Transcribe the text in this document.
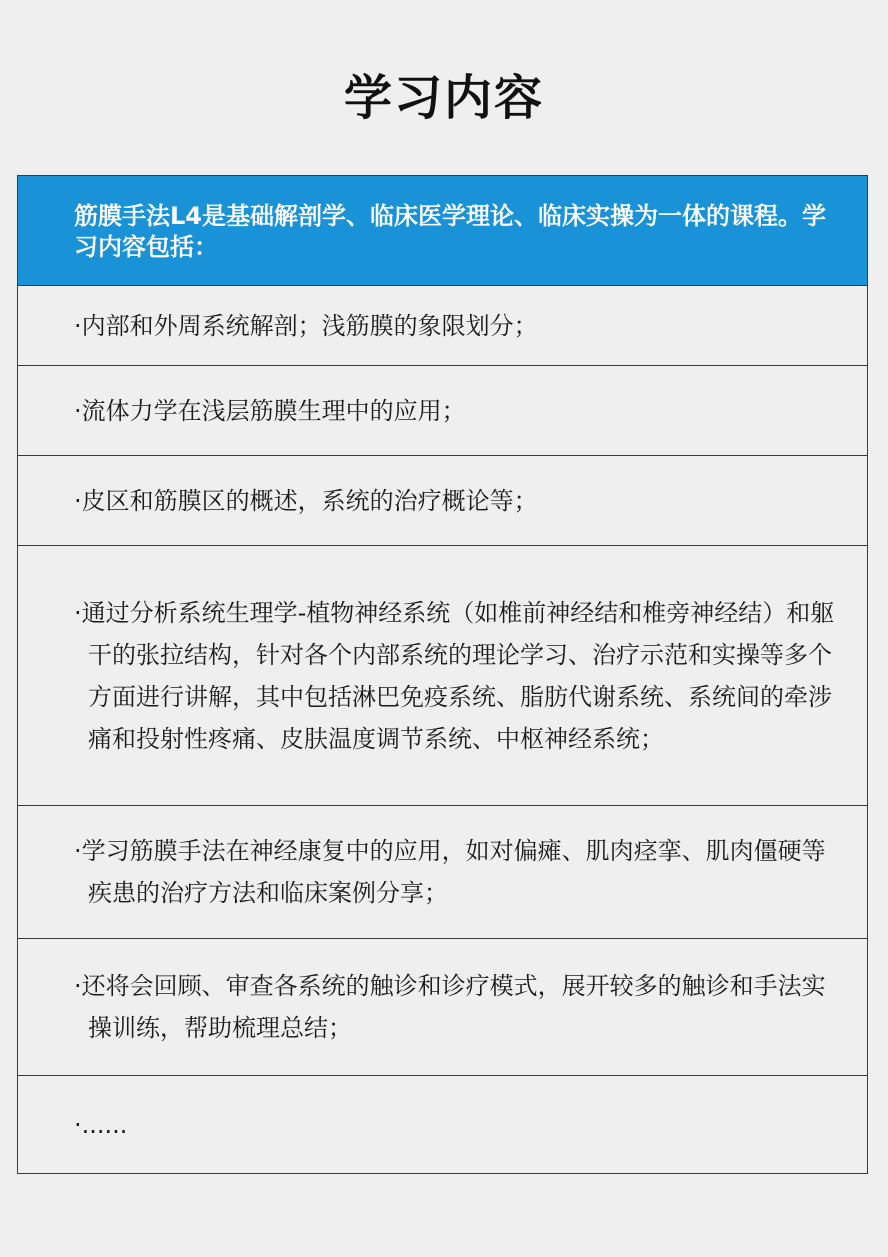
学习内容
筋膜手法L4是基础解剖学、临床医学理论、临床实操为一体的课程。学习内容包括：
·内部和外周系统解剖；浅筋膜的象限划分；
·流体力学在浅层筋膜生理中的应用；
·皮区和筋膜区的概述，系统的治疗概论等；
·通过分析系统生理学-植物神经系统（如椎前神经结和椎旁神经结）和躯干的张拉结构，针对各个内部系统的理论学习、治疗示范和实操等多个方面进行讲解，其中包括淋巴免疫系统、脂肪代谢系统、系统间的牵涉痛和投射性疼痛、皮肤温度调节系统、中枢神经系统；
·学习筋膜手法在神经康复中的应用，如对偏瘫、肌肉痉挛、肌肉僵硬等疾患的治疗方法和临床案例分享；
·还将会回顾、审查各系统的触诊和诊疗模式，展开较多的触诊和手法实操训练，帮助梳理总结；
·......
